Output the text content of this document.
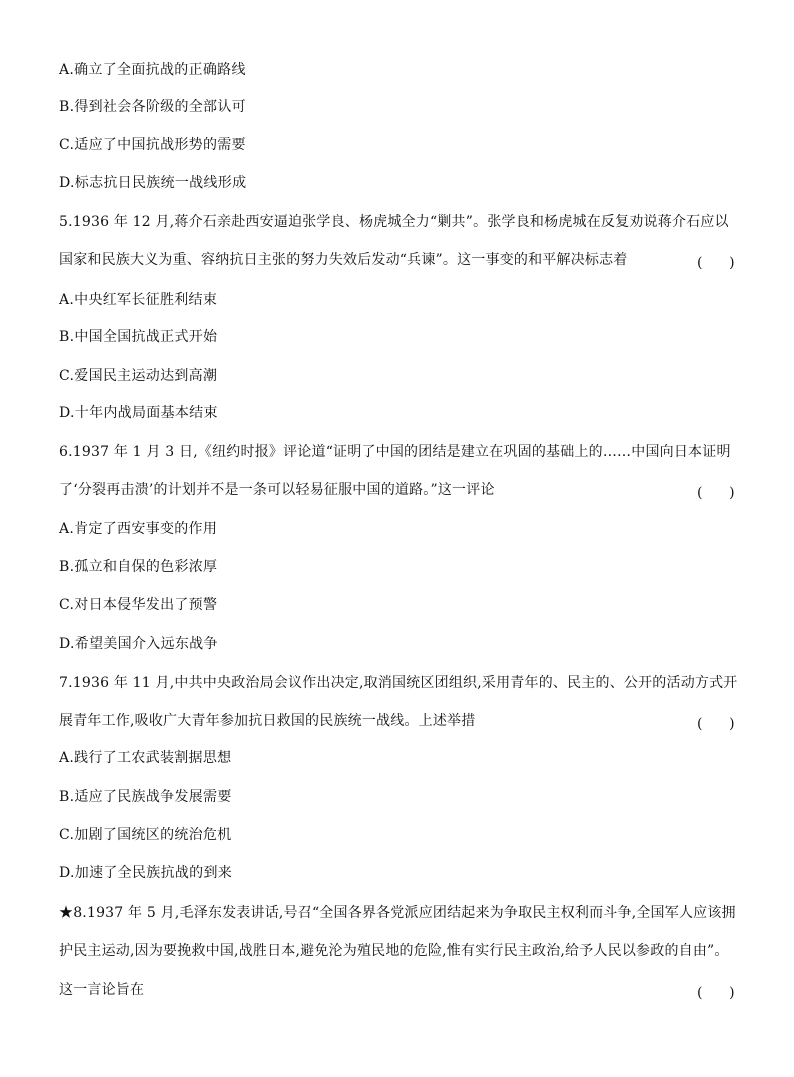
A.确立了全面抗战的正确路线
B.得到社会各阶级的全部认可
C.适应了中国抗战形势的需要
D.标志抗日民族统一战线形成
5.1936 年 12 月,蒋介石亲赴西安逼迫张学良、杨虎城全力“剿共”。张学良和杨虎城在反复劝说蒋介石应以
国家和民族大义为重、容纳抗日主张的努力失效后发动“兵谏”。这一事变的和平解决标志着	(      )
A.中央红军长征胜利结束
B.中国全国抗战正式开始
C.爱国民主运动达到高潮
D.十年内战局面基本结束
6.1937 年 1 月 3 日,《纽约时报》评论道“证明了中国的团结是建立在巩固的基础上的……中国向日本证明
了‘分裂再击溃’的计划并不是一条可以轻易征服中国的道路。”这一评论	(      )
A.肯定了西安事变的作用
B.孤立和自保的色彩浓厚
C.对日本侵华发出了预警
D.希望美国介入远东战争
7.1936 年 11 月,中共中央政治局会议作出决定,取消国统区团组织,采用青年的、民主的、公开的活动方式开
展青年工作,吸收广大青年参加抗日救国的民族统一战线。上述举措	(      )
A.践行了工农武装割据思想
B.适应了民族战争发展需要
C.加剧了国统区的统治危机
D.加速了全民族抗战的到来
★8.1937 年 5 月,毛泽东发表讲话,号召“全国各界各党派应团结起来为争取民主权利而斗争,全国军人应该拥
护民主运动,因为要挽救中国,战胜日本,避免沦为殖民地的危险,惟有实行民主政治,给予人民以参政的自由”。
这一言论旨在	(      )
